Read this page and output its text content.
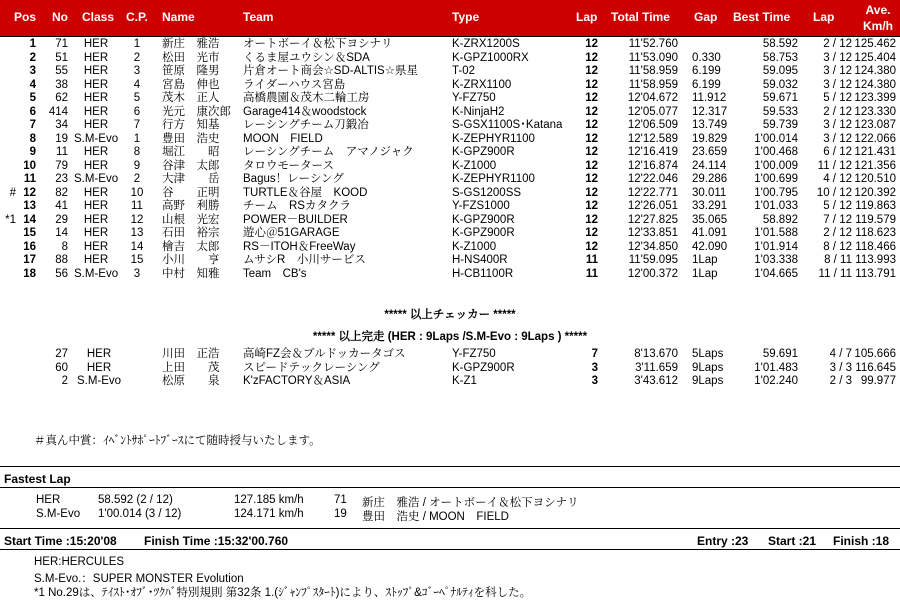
Pos No Class C.P. Name	Team	Type	Lap Total Time Gap Best Time Lap	Ave.
Km/h
1	71	HER	1	新庄　雅浩	オートボーイ＆松下ヨシナリ	K-ZRX1200S	12	11'52.760	58.592	2 / 12 125.462
2	51	HER	2	松田　光市	くるま屋ユウシン＆SDA	K-GPZ1000RX	12	11'53.090 0.330	58.753	3 / 12 125.404
3	55	HER	3	笹原　隆男	片倉オート商会☆SD-ALTIS☆県星	T-02	12	11'58.959 6.199	59.095	3 / 12 124.380
4	38	HER	4	宮島　伸也	ライダーハウス宮島	K-ZRX1100	12	11'58.959 6.199	59.032	3 / 12 124.380
5	62	HER	5	茂木　正人	高橋農園＆茂木二輪工房	Y-FZ750	12	12'04.672 11.912	59.671	5 / 12 123.399
6	414	HER	6	光元　康次郎	Garage414＆woodstock	K-NinjaH2	12	12'05.077 12.317	59.533	2 / 12 123.330
7	34	HER	7	行方　知基	レーシングチーム刀鍛冶	S-GSX1100S･Katana	12	12'06.509 13.749	59.739	3 / 12 123.087
8	19 S.M-Evo	1	豊田　浩史	MOON　FIELD	K-ZEPHYR1100	12	12'12.589 19.829	1'00.014	3 / 12 122.066
9	11	HER	8	堀江　　昭	レーシングチーム　アマノジャク	K-GPZ900R	12	12'16.419 23.659	1'00.468	6 / 12 121.431
10	79	HER	9	谷津　太郎	タロウモータース	K-Z1000	12	12'16.874 24.114	1'00.009	11 / 12 121.356
11	23 S.M-Evo	2	大津　　岳	Bagus！レーシング	K-ZEPHYR1100	12	12'22.046 29.286	1'00.699	4 / 12 120.510
# 12	82	HER	10	谷　　正明	TURTLE＆谷屋　KOOD	S-GS1200SS	12	12'22.771 30.011	1'00.795	10 / 12 120.392
13	41	HER	11	高野　利勝	チーム　RSカタクラ	Y-FZS1000	12	12'26.051 33.291	1'01.033	5 / 12 119.863
*1 14	29	HER	12	山根　光宏	POWER－BUILDER	K-GPZ900R	12	12'27.825 35.065	58.892	7 / 12 119.579
15	14	HER	13	石田　裕宗	遊心＠51GARAGE	K-GPZ900R	12	12'33.851 41.091	1'01.588	2 / 12 118.623
16	8	HER	14	檜吉　太郎	RS－ITOH＆FreeWay	K-Z1000	12	12'34.850 42.090	1'01.914	8 / 12 118.466
17	88	HER	15	小川　　亨	ムサシR　小川サービス	H-NS400R	11	11'59.095 1Lap	1'03.338	8 / 11 113.993
18	56 S.M-Evo	3	中村　知雅	Team　CB's	H-CB1100R	11	12'00.372 1Lap	1'04.665	11 / 11 113.791
***** 以上チェッカー *****
***** 以上完走 (HER : 9Laps /S.M-Evo : 9Laps ) *****
27	HER	川田　正浩	高崎FZ会＆ブルドッカータゴス	Y-FZ750	7	8'13.670 5Laps	59.691	4 / 7 105.666
60	HER	上田　　茂	スピードテックレーシング	K-GPZ900R	3	3'11.659 9Laps	1'01.483	3 / 3 116.645
2 S.M-Evo	松原　　泉	K'zFACTORY＆ASIA	K-Z1	3	3'43.612 9Laps	1'02.240	2 / 3 99.977
＃真ん中賞：ｲﾍﾞﾝﾄｻﾎﾟｰﾄﾌﾞｰｽにて随時授与いたします。
Fastest Lap
HER	58.592 (2 / 12)	127.185 km/h	71 新庄　雅浩 / オートボーイ＆松下ヨシナリ
S.M-Evo 1'00.014 (3 / 12)	124.171 km/h	19 豊田　浩史 / MOON　FIELD
Start Time :15:20'08 Finish Time :15:32'00.760	Entry :23 Start :21 Finish :18
HER:HERCULES
S.M-Evo.：SUPER MONSTER Evolution
*1 No.29は、ﾃｲｽﾄ･ｵﾌﾞ･ﾂｸﾊﾞ特別規則 第32条 1.(ｼﾞｬﾝﾌﾟｽﾀｰﾄ)により、ｽﾄｯﾌﾟ&ｺﾞｰﾍﾟﾅﾙﾃｨを科した。
